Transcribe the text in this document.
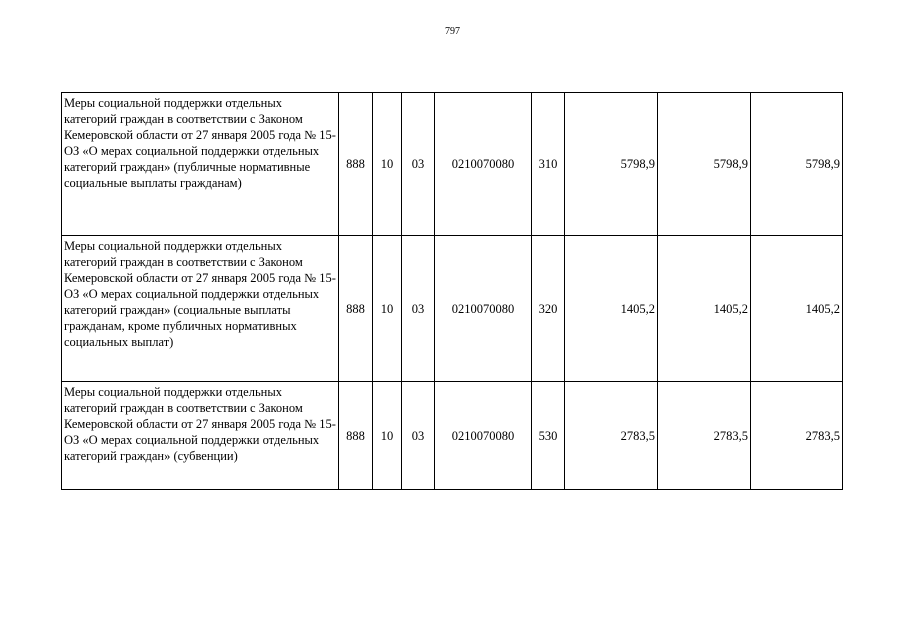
797
Меры социальной поддержки отдельных категорий граждан в соответствии с Законом Кемеровской области от 27 января 2005 года № 15-ОЗ «О мерах социальной поддержки отдельных категорий граждан» (публичные нормативные социальные выплаты гражданам)	888	10	03	0210070080	310	5798,9	5798,9	5798,9
Меры социальной поддержки отдельных категорий граждан в соответствии с Законом Кемеровской области от 27 января 2005 года № 15-ОЗ «О мерах социальной поддержки отдельных категорий граждан» (социальные выплаты гражданам, кроме публичных нормативных социальных выплат)	888	10	03	0210070080	320	1405,2	1405,2	1405,2
Меры социальной поддержки отдельных категорий граждан в соответствии с Законом Кемеровской области от 27 января 2005 года № 15-ОЗ «О мерах социальной поддержки отдельных категорий граждан» (субвенции)	888	10	03	0210070080	530	2783,5	2783,5	2783,5
